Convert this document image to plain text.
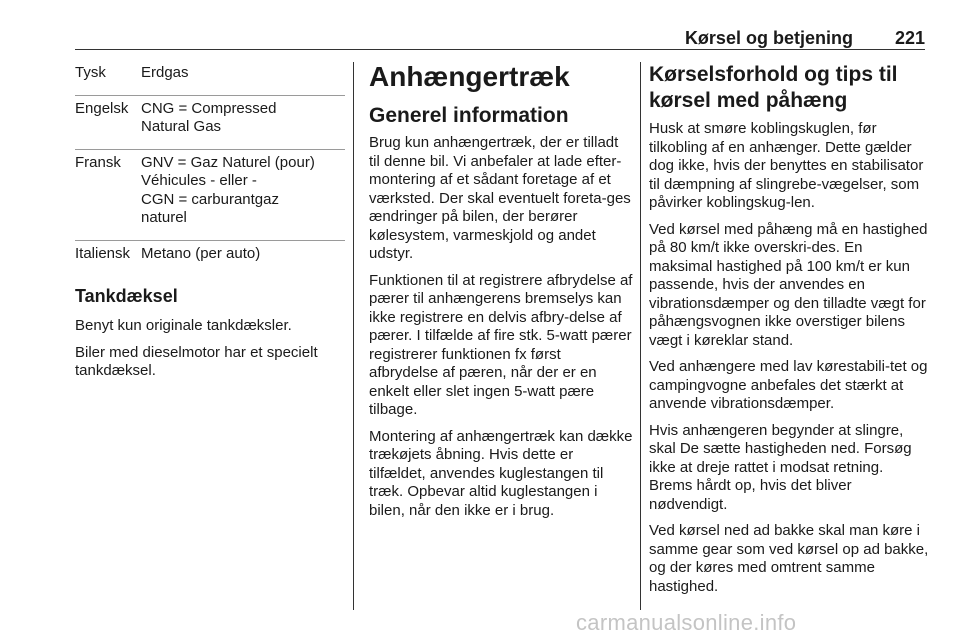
Kørsel og betjening 221
Tysk	Erdgas
Engelsk CNG = Compressed
Natural Gas
Fransk	GNV = Gaz Naturel (pour)
Véhicules - eller -
CGN = carburantgaz
naturel
Italiensk Metano (per auto)
Tankdæksel

Benyt kun originale tankdæksler.

Biler med dieselmotor har et specielt tankdæksel.

Anhængertræk
Generel information

Brug kun anhængertræk, der er tilladt til denne bil. Vi anbefaler at lade efter-montering af et sådant foretage af et værksted. Der skal eventuelt foreta-ges ændringer på bilen, der berører kølesystem, varmeskjold og andet udstyr.

Funktionen til at registrere afbrydelse af pærer til anhængerens bremselys kan ikke registrere en delvis afbry-delse af pærer. I tilfælde af fire stk. 5-watt pærer registrerer funktionen fx først afbrydelse af pæren, når der er en enkelt eller slet ingen 5-watt pære tilbage.

Montering af anhængertræk kan dække trækøjets åbning. Hvis dette er tilfældet, anvendes kuglestangen til træk. Opbevar altid kuglestangen i bilen, når den ikke er i brug.

Kørselsforhold og tips til kørsel med påhæng

Husk at smøre koblingskuglen, før tilkobling af en anhænger. Dette gælder dog ikke, hvis der benyttes en stabilisator til dæmpning af slingrebe-vægelser, som påvirker koblingskug-len.

Ved kørsel med påhæng må en hastighed på 80 km/t ikke overskri-des. En maksimal hastighed på 100 km/t er kun passende, hvis der anvendes en vibrationsdæmper og den tilladte vægt for påhængsvognen ikke overstiger bilens vægt i køreklar stand.

Ved anhængere med lav kørestabili-tet og campingvogne anbefales det stærkt at anvende vibrationsdæmper.

Hvis anhængeren begynder at slingre, skal De sætte hastigheden ned. Forsøg ikke at dreje rattet i modsat retning. Brems hårdt op, hvis det bliver nødvendigt.

Ved kørsel ned ad bakke skal man køre i samme gear som ved kørsel op ad bakke, og der køres med omtrent samme hastighed.

carmanualsonline.info
